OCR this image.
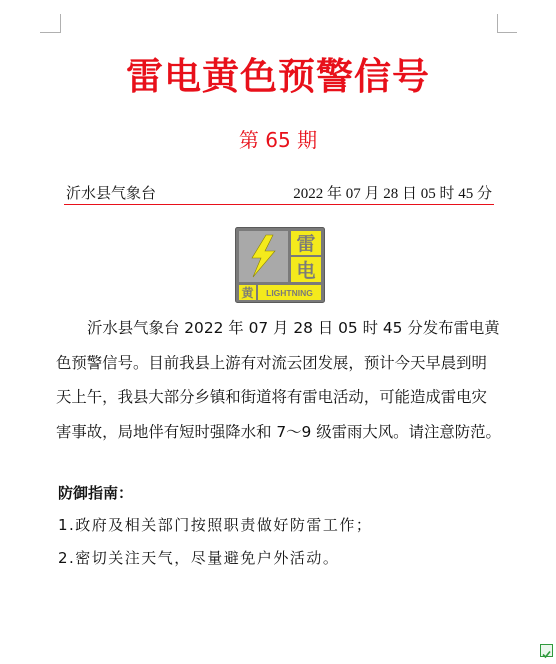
雷电黄色预警信号
第 65 期
沂水县气象台	2022 年 07 月 28 日 05 时 45 分
雷
电
黄 LIGHTNING
沂水县气象台 2022 年 07 月 28 日 05 时 45 分发布雷电黄色预警信号。目前我县上游有对流云团发展，预计今天早晨到明天上午，我县大部分乡镇和街道将有雷电活动，可能造成雷电灾害事故，局地伴有短时强降水和 7～9 级雷雨大风。请注意防范。
防御指南：
1.政府及相关部门按照职责做好防雷工作；
2.密切关注天气，尽量避免户外活动。
